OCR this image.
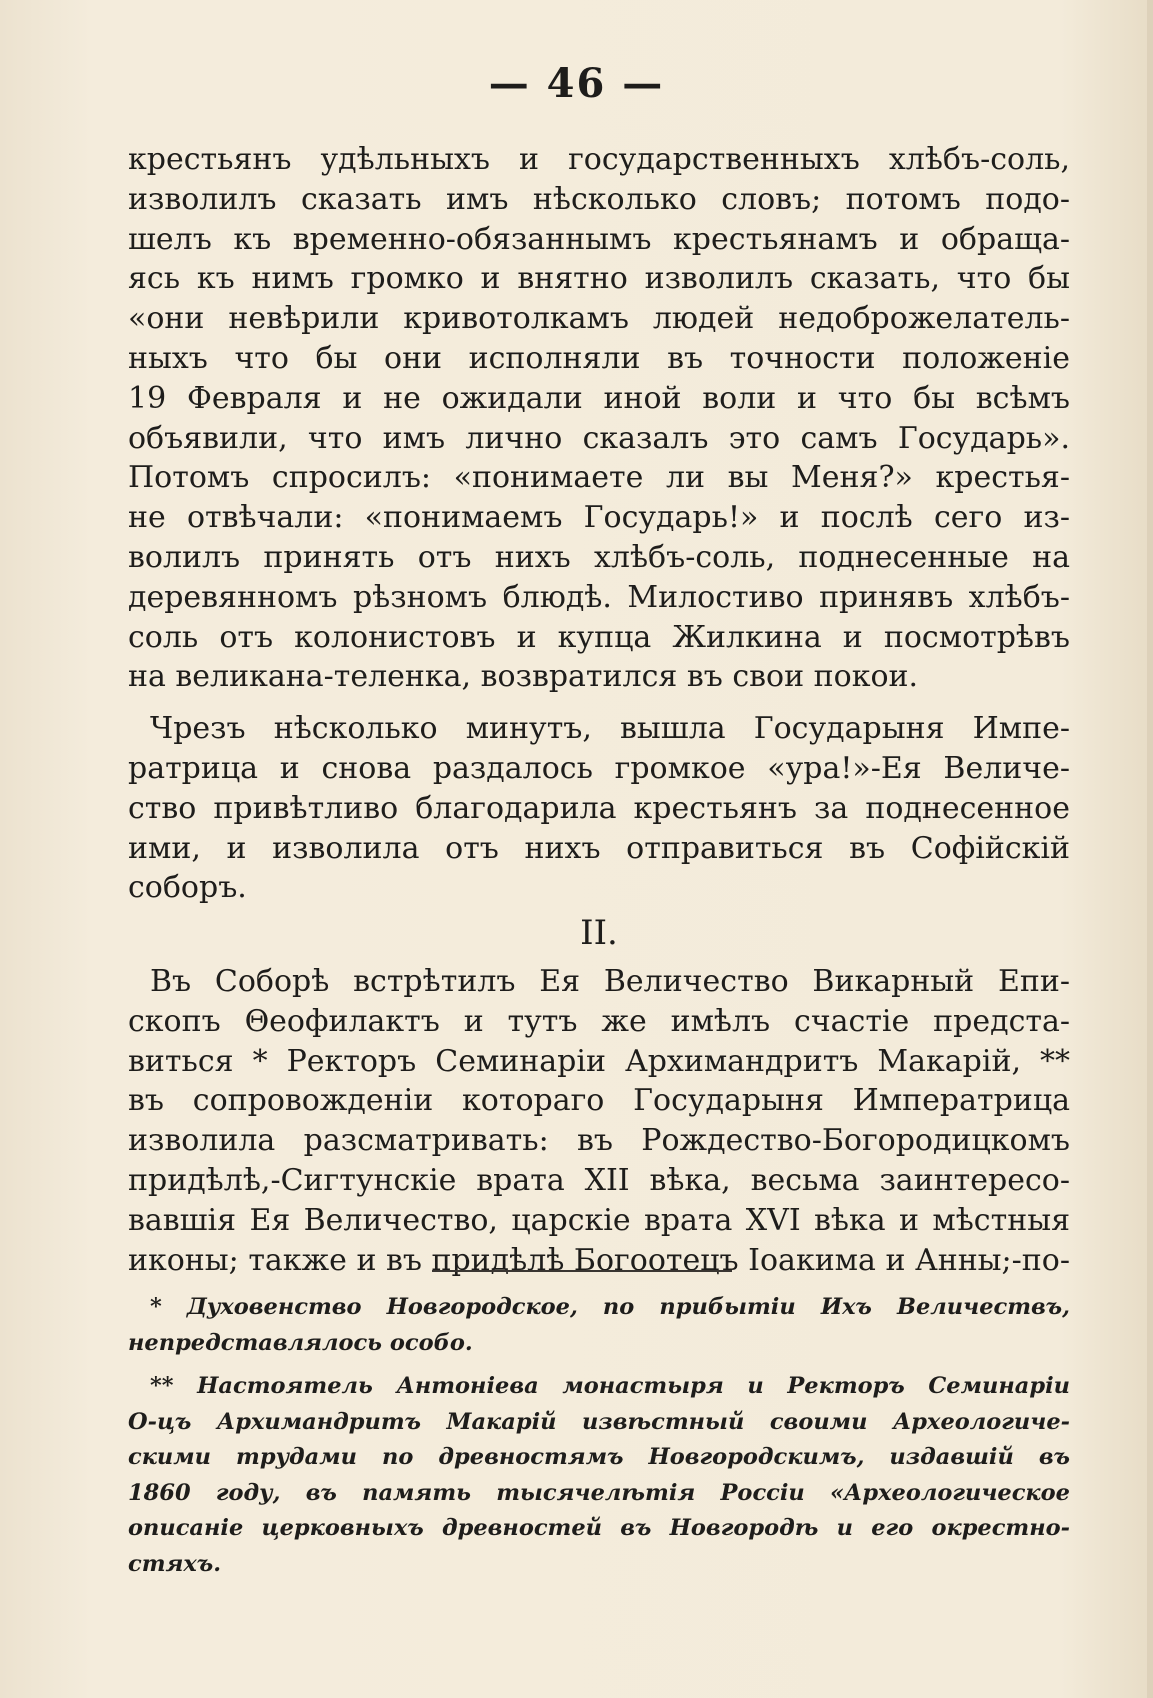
— 46 —

крестьянъ удѣльныхъ и государственныхъ хлѣбъ-соль,
изволилъ сказать имъ нѣсколько словъ; потомъ подо-
шелъ къ временно-обязаннымъ крестьянамъ и обраща-
ясь къ нимъ громко и внятно изволилъ сказать, что бы
«они невѣрили кривотолкамъ людей недоброжелатель-
ныхъ что бы они исполняли въ точности положеніе
19 Февраля и не ожидали иной воли и что бы всѣмъ
объявили, что имъ лично сказалъ это самъ Государь».
Потомъ спросилъ: «понимаете ли вы Меня?» крестья-
не отвѣчали: «понимаемъ Государь!» и послѣ сего из-
волилъ принять отъ нихъ хлѣбъ-соль, поднесенные на
деревянномъ рѣзномъ блюдѣ. Милостиво принявъ хлѣбъ-
соль отъ колонистовъ и купца Жилкина и посмотрѣвъ
на великана-теленка, возвратился въ свои покои.

Чрезъ нѣсколько минутъ, вышла Государыня Импе-
ратрица и снова раздалось громкое «ура!»-Ея Величе-
ство привѣтливо благодарила крестьянъ за поднесенное
ими, и изволила отъ нихъ отправиться въ Софійскій
соборъ.

II.

Въ Соборѣ встрѣтилъ Ея Величество Викарный Епи-
скопъ Θеофилактъ и тутъ же имѣлъ счастіе предста-
виться * Ректоръ Семинаріи Архимандритъ Макарій, **
въ сопровожденіи котораго Государыня Императрица
изволила разсматривать: въ Рождество-Богородицкомъ
придѣлѣ,-Сигтунскіе врата XII вѣка, весьма заинтересо-
вавшія Ея Величество, царскіе врата XVI вѣка и мѣстныя
иконы; также и въ придѣлѣ Богоотецъ Іоакима и Анны;-по-

* Духовенство Новгородское, по прибытіи Ихъ Величествъ,
непредставлялось особо.
** Настоятель Антоніева монастыря и Ректоръ Семинаріи
О-цъ Архимандритъ Макарій извѣстный своими Археологиче-
скими трудами по древностямъ Новгородскимъ, издавшій въ
1860 году, въ память тысячелѣтія Россіи «Археологическое
описаніе церковныхъ древностей въ Новгородѣ и его окрестно-
стяхъ.
